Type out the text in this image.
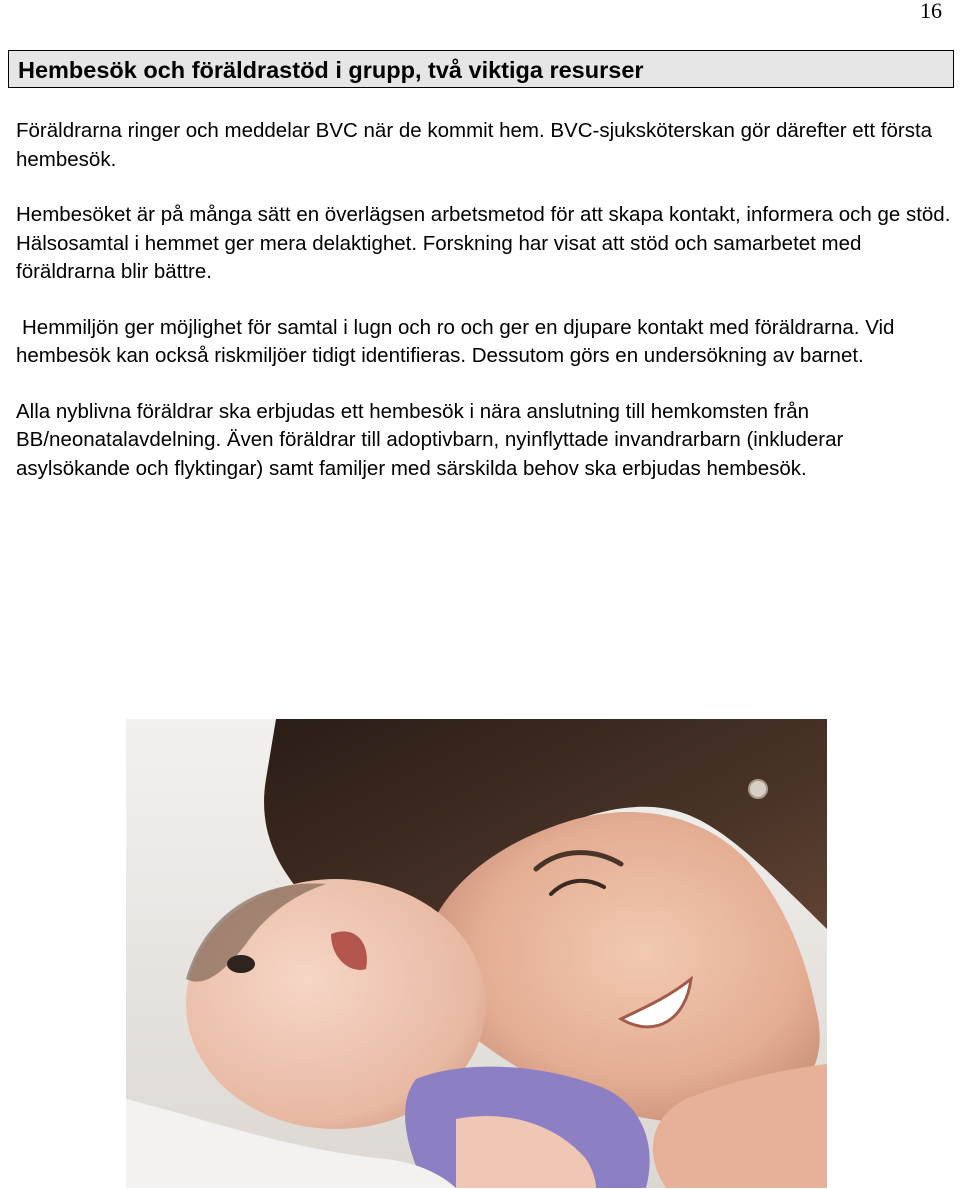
16
Hembesök och föräldrastöd i grupp, två viktiga resurser

Föräldrarna ringer och meddelar BVC när de kommit hem. BVC-sjuksköterskan gör därefter ett första hembesök.

Hembesöket är på många sätt en överlägsen arbetsmetod för att skapa kontakt, informera och ge stöd. Hälsosamtal i hemmet ger mera delaktighet. Forskning har visat att stöd och samarbetet med föräldrarna blir bättre.

Hemmiljön ger möjlighet för samtal i lugn och ro och ger en djupare kontakt med föräldrarna. Vid hembesök kan också riskmiljöer tidigt identifieras. Dessutom görs en undersökning av barnet.

Alla nyblivna föräldrar ska erbjudas ett hembesök i nära anslutning till hemkomsten från BB/neonatalavdelning. Även föräldrar till adoptivbarn, nyinflyttade invandrarbarn (inkluderar asylsökande och flyktingar) samt familjer med särskilda behov ska erbjudas hembesök.
